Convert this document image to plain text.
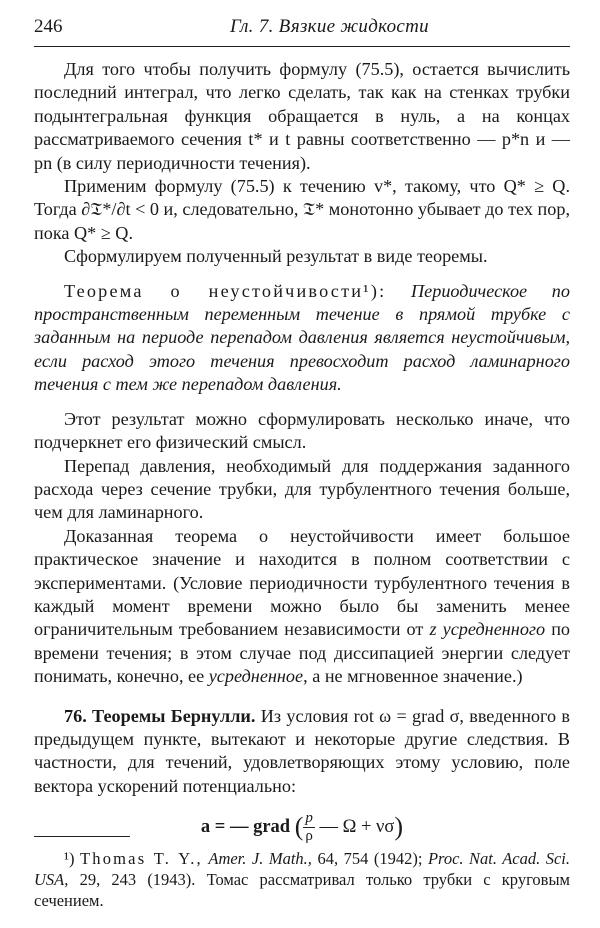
246	Гл. 7. Вязкие жидкости

Для того чтобы получить формулу (75.5), остается вычислить последний интеграл, что легко сделать, так как на стенках трубки подынтегральная функция обращается в нуль, а на концах рассматриваемого сечения t* и t равны соответственно — p*n и — pn (в силу периодичности течения).

Применим формулу (75.5) к течению v*, такому, что Q* ≥ Q. Тогда ∂𝔗*/∂t < 0 и, следовательно, 𝔗* монотонно убывает до тех пор, пока Q* ≥ Q.

Сформулируем полученный результат в виде теоремы.

Теорема о неустойчивости¹): Периодическое по пространственным переменным течение в прямой трубке с заданным на периоде перепадом давления является неустойчивым, если расход этого течения превосходит расход ламинарного течения с тем же перепадом давления.

Этот результат можно сформулировать несколько иначе, что подчеркнет его физический смысл.

Перепад давления, необходимый для поддержания заданного расхода через сечение трубки, для турбулентного течения больше, чем для ламинарного.

Доказанная теорема о неустойчивости имеет большое практическое значение и находится в полном соответствии с экспериментами. (Условие периодичности турбулентного течения в каждый момент времени можно было бы заменить менее ограничительным требованием независимости от z усредненного по времени течения; в этом случае под диссипацией энергии следует понимать, конечно, ее усредненное, а не мгновенное значение.)

76. Теоремы Бернулли. Из условия rot ω = grad σ, введенного в предыдущем пункте, вытекают и некоторые другие следствия. В частности, для течений, удовлетворяющих этому условию, поле вектора ускорений потенциально:

a = — grad ( $\frac{p}{\rho}$ — Ω + νσ)
¹) Thomas T. Y., Amer. J. Math., 64, 754 (1942); Proc. Nat. Acad. Sci. USA, 29, 243 (1943). Томас рассматривал только трубки с круговым сечением.
